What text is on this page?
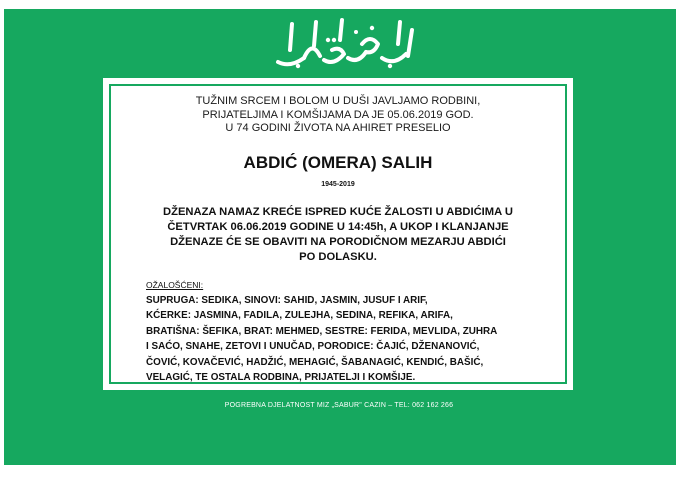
TUŽNIM SRCEM I BOLOM U DUŠI JAVLJAMO RODBINI,
PRIJATELJIMA I KOMŠIJAMA DA JE 05.06.2019 GOD.
U 74 GODINI ŽIVOTA NA AHIRET PRESELIO
ABDIĆ (OMERA) SALIH
1945-2019
DŽENAZA NAMAZ KREĆE ISPRED KUĆE ŽALOSTI U ABDIĆIMA U
ČETVRTAK 06.06.2019 GODINE U 14:45h, A UKOP I KLANJANJE
DŽENAZE ĆE SE OBAVITI NA PORODIČNOM MEZARJU ABDIĆI
PO DOLASKU.
OŽALOŠĆENI:
SUPRUGA: SEDIKA, SINOVI: SAHID, JASMIN, JUSUF I ARIF,
KĆERKE: JASMINA, FADILA, ZULEJHA, SEDINA, REFIKA, ARIFA,
BRATIŠNA: ŠEFIKA, BRAT: MEHMED, SESTRE: FERIDA, MEVLIDA, ZUHRA
I SAĆO, SNAHE, ZETOVI I UNUČAD, PORODICE: ČAJIĆ, DŽENANOVIĆ,
ČOVIĆ, KOVAČEVIĆ, HADŽIĆ, MEHAGIĆ, ŠABANAGIĆ, KENDIĆ, BAŠIĆ,
VELAGIĆ, TE OSTALA RODBINA, PRIJATELJI I KOMŠIJE.
POGREBNA DJELATNOST MIZ „SABUR" CAZIN – TEL: 062 162 266
